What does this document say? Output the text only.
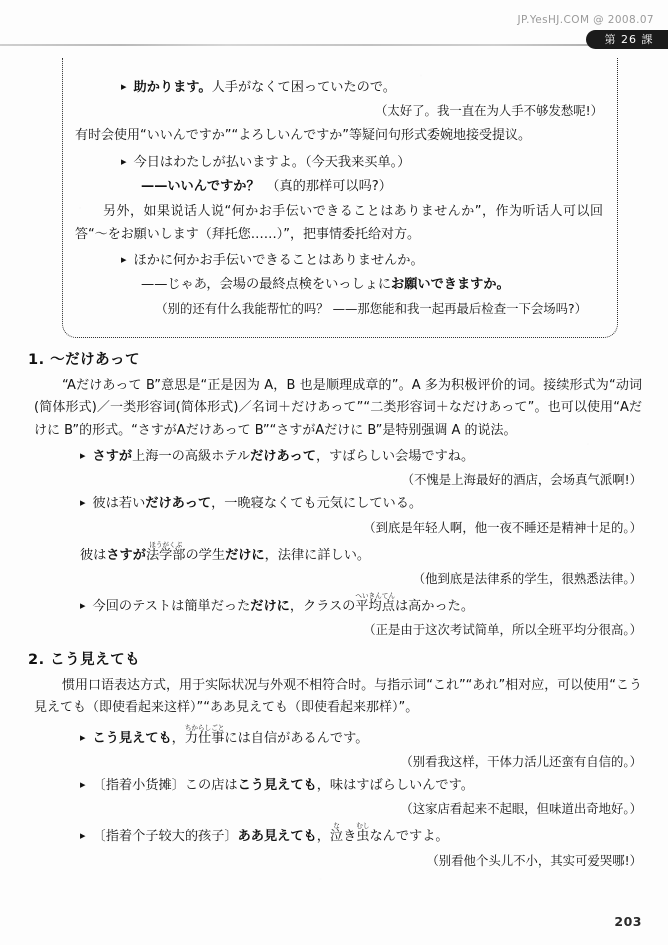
JP.YesHJ.COM @ 2008.07
第 26 課
▸ 助かります。人手がなくて困っていたので。
（太好了。我一直在为人手不够发愁呢!）
有时会使用“いいんですか”“よろしいんですか”等疑问句形式委婉地接受提议。
▸ 今日はわたしが払いますよ。（今天我来买单。）
——いいんですか？　（真的那样可以吗?）
另外，如果说话人说“何かお手伝いできることはありませんか”，作为听话人可以回答“～をお願いします（拜托您……）”，把事情委托给对方。
▸ ほかに何かお手伝いできることはありませんか。
——じゃあ，会場の最終点検をいっしょにお願いできますか。
（别的还有什么我能帮忙的吗？ ——那您能和我一起再最后检查一下会场吗?）
1. ～だけあって
“Aだけあって B”意思是“正是因为 A，B 也是顺理成章的”。A 多为积极评价的词。接续形式为“动词(简体形式)／一类形容词(简体形式)／名词＋だけあって”“二类形容词＋なだけあって”。也可以使用“Aだけに B”的形式。“さすがAだけあって B”“さすがAだけに B”是特别强调 A 的说法。
▸ さすが上海一の高級ホテルだけあって，すばらしい会場ですね。
（不愧是上海最好的酒店，会场真气派啊!）
▸ 彼は若いだけあって，一晩寝なくても元気にしている。
（到底是年轻人啊，他一夜不睡还是精神十足的。）
彼はさすが法学部ほうがくぶの学生だけに，法律に詳しい。
（他到底是法律系的学生，很熟悉法律。）
▸ 今回のテストは簡単だっただけに，クラスの平均点へいきんてんは高かった。
（正是由于这次考试简单，所以全班平均分很高。）
2. こう見えても
惯用口语表达方式，用于实际状况与外观不相符合时。与指示词“これ”“あれ”相对应，可以使用“こう見えても（即使看起来这样）”“ああ見えても（即使看起来那样）”。
▸ こう見えても，力仕事ちからしごとには自信があるんです。
（别看我这样，干体力活儿还蛮有自信的。）
▸ 〔指着小货摊〕この店はこう見えても，味はすばらしいんです。
（这家店看起来不起眼，但味道出奇地好。）
▸ 〔指着个子较大的孩子〕ああ見えても，泣なき虫むしなんですよ。
（别看他个头儿不小，其实可爱哭哪!）
203
